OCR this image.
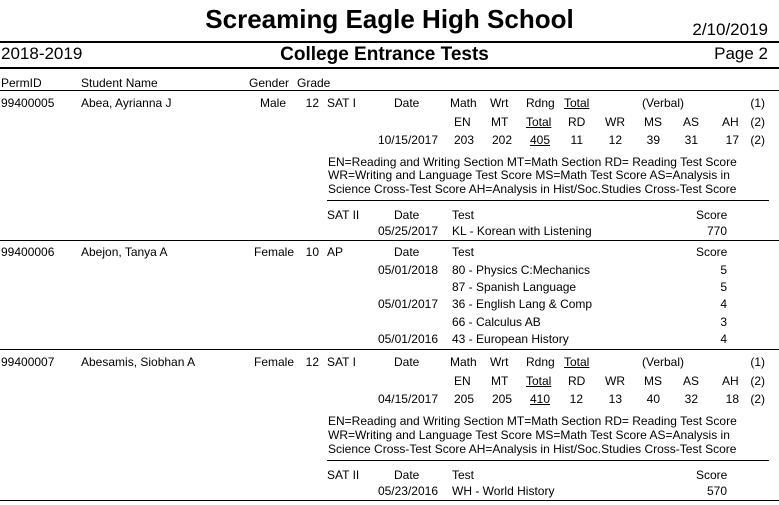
Screaming Eagle High School	2/10/2019
2018-2019	College Entrance Tests	Page 2
PermID	Student Name	Gender Grade
99400005 Abea, Ayrianna J	Male 12 SAT I	Date	Math Wrt Rdng Total	(Verbal)	(1)
EN MT Total RD WR MS AS AH (2)
10/15/2017 203 202 405 11 12 39 31 17 (2)
EN=Reading and Writing Section MT=Math Section RD= Reading Test Score
WR=Writing and Language Test Score MS=Math Test Score AS=Analysis in
Science Cross-Test Score AH=Analysis in Hist/Soc.Studies Cross-Test Score
SAT II	Date	Test	Score
05/25/2017 KL - Korean with Listening	770
99400006 Abejon, Tanya A	Female 10 AP	Date	Test	Score
05/01/2018 80 - Physics C:Mechanics	5
87 - Spanish Language	5
05/01/2017 36 - English Lang & Comp	4
66 - Calculus AB	3
05/01/2016 43 - European History	4
99400007 Abesamis, Siobhan A	Female 12 SAT I	Date	Math Wrt Rdng Total	(Verbal)	(1)
EN MT Total RD WR MS AS AH (2)
04/15/2017 205 205 410 12 13 40 32 18 (2)
EN=Reading and Writing Section MT=Math Section RD= Reading Test Score
WR=Writing and Language Test Score MS=Math Test Score AS=Analysis in
Science Cross-Test Score AH=Analysis in Hist/Soc.Studies Cross-Test Score
SAT II	Date	Test	Score
05/23/2016 WH - World History	570
